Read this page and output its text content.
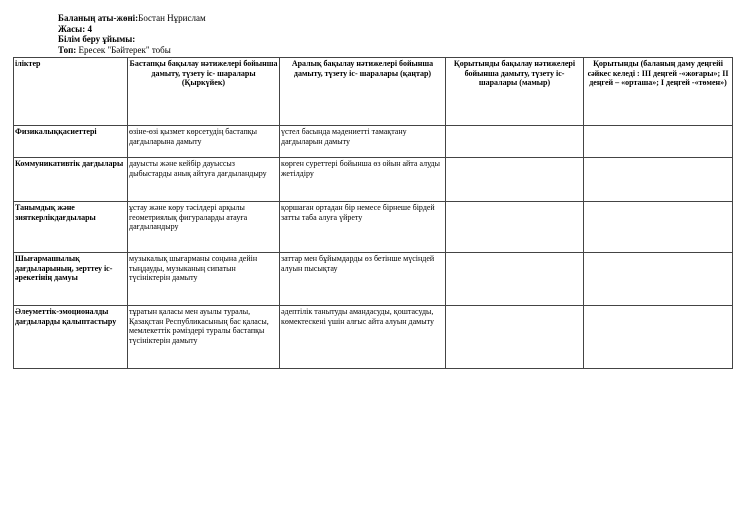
Баланың аты-жөні:Бостан Нұрислам
Жасы: 4
Білім беру ұйымы:
Топ: Ересек "Бәйтерек" тобы
іліктер	Бастапқы бақылау нәтижелері бойынша дамыту, түзету іс- шаралары (Қыркүйек)	Аралық бақылау нәтижелері бойынша дамыту, түзету іс- шаралары (қаңтар)	Қорытынды бақылау нәтижелері бойынша дамыту, түзету іс- шаралары (мамыр)	Қорытынды (баланың даму деңгейі сәйкес келеді : ІІІ деңгей -«жоғары»; ІІ деңгей – «орташа»; І деңгей -«төмен»)
Физикалыққасиеттері	өзіне-өзі қызмет көрсетудің бастапқы дағдыларына дамыту	үстел басында мәдениетті тамақтану дағдыларын дамыту		
Коммуникативтік дағдылары	дауысты және кейбір дауыссыз дыбыстарды анық айтуға дағдыландыру	көрген суреттері бойынша өз ойын айта алуды жетілдіру		
Танымдық және зияткерлікдағдылары	ұстау және көру тәсілдері арқылы геометриялық фигураларды атауға дағдыландыру	қоршаған ортадан бір немесе бірнеше бірдей затты таба алуға үйрету		
Шығармашылық дағдыларының, зерттеу іс- әрекетінің дамуы	музыкалық шығарманы соңына дейін тыңдауды, музыканың сипатын түсініктерін дамыту	заттар мен бұйымдарды өз бетінше мүсіндей алуын пысықтау		
Әлеуметтік-эмоционалды дағдыларды қалыптастыру	тұратын қаласы мен ауылы туралы, Қазақстан Республикасының бас қаласы, мемлекеттік рәміздері туралы бастапқы түсініктерін дамыту	әдептілік танытуды амандасуды, қоштасуды, көмектескені үшін алғыс айта алуын дамыту		
